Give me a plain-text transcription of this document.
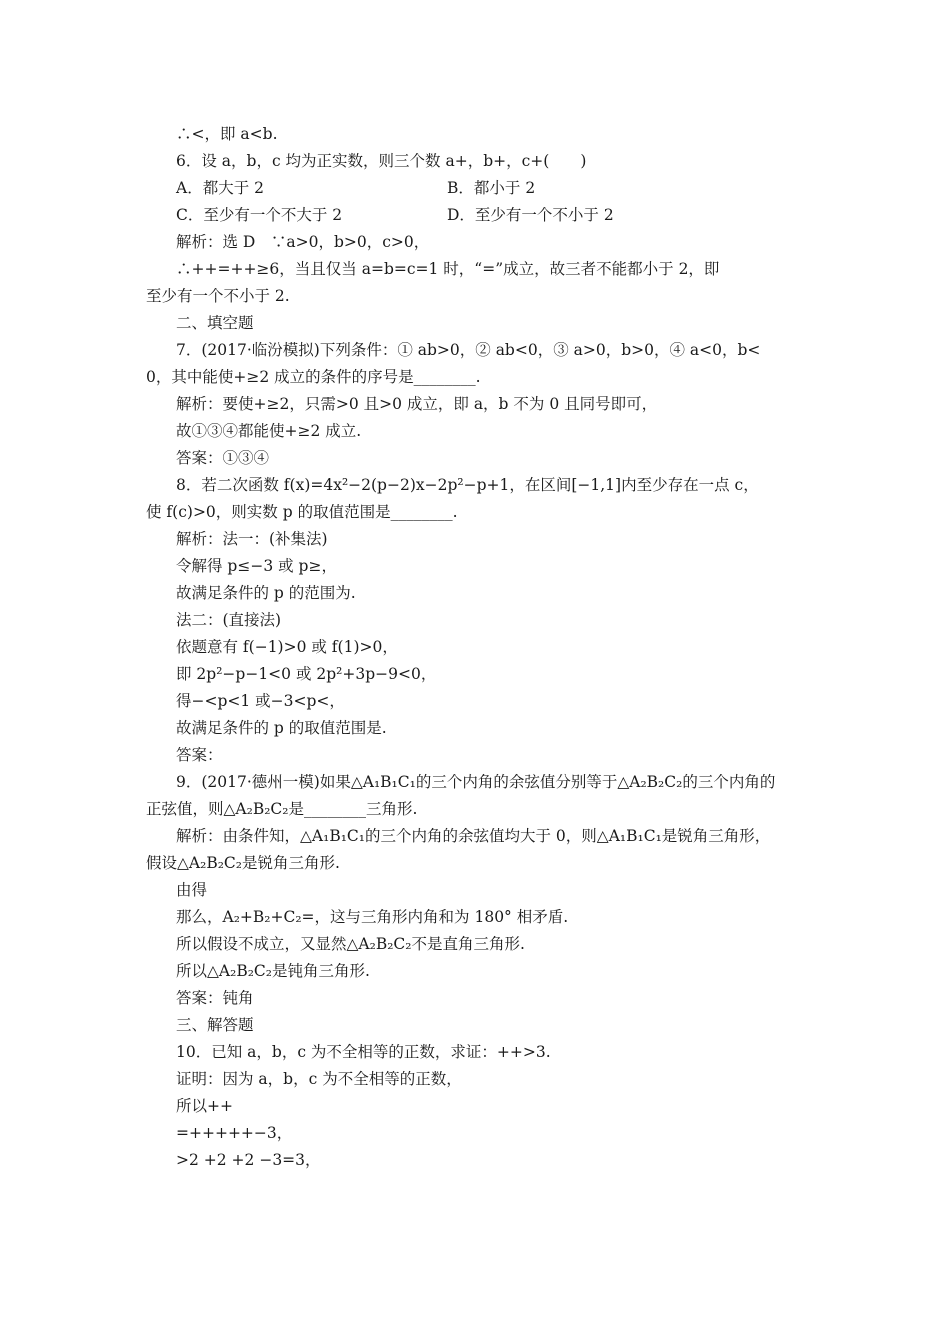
∴<，即 a<b.
6．设 a，b，c 均为正实数，则三个数 a+，b+，c+(　　)
A．都大于 2	B．都小于 2
C．至少有一个不大于 2	D．至少有一个不小于 2
解析：选 D　∵a>0，b>0，c>0，
∴++=++≥6，当且仅当 a=b=c=1 时，“=”成立，故三者不能都小于 2，即
至少有一个不小于 2.
二、填空题
7．(2017·临汾模拟)下列条件：① ab>0，② ab<0，③ a>0，b>0，④ a<0，b<
0，其中能使+≥2 成立的条件的序号是________.
解析：要使+≥2，只需>0 且>0 成立，即 a，b 不为 0 且同号即可，
故①③④都能使+≥2 成立.
答案：①③④
8．若二次函数 f(x)=4x²−2(p−2)x−2p²−p+1，在区间[−1,1]内至少存在一点 c，
使 f(c)>0，则实数 p 的取值范围是________.
解析：法一：(补集法)
令解得 p≤−3 或 p≥，
故满足条件的 p 的范围为.
法二：(直接法)
依题意有 f(−1)>0 或 f(1)>0，
即 2p²−p−1<0 或 2p²+3p−9<0，
得−<p<1 或−3<p<，
故满足条件的 p 的取值范围是.
答案：
9．(2017·德州一模)如果△A₁B₁C₁的三个内角的余弦值分别等于△A₂B₂C₂的三个内角的
正弦值，则△A₂B₂C₂是________三角形.
解析：由条件知，△A₁B₁C₁的三个内角的余弦值均大于 0，则△A₁B₁C₁是锐角三角形，
假设△A₂B₂C₂是锐角三角形.
由得
那么，A₂+B₂+C₂=，这与三角形内角和为 180° 相矛盾.
所以假设不成立，又显然△A₂B₂C₂不是直角三角形.
所以△A₂B₂C₂是钝角三角形.
答案：钝角
三、解答题
10．已知 a，b，c 为不全相等的正数，求证：++>3.
证明：因为 a，b，c 为不全相等的正数，
所以++
=+++++−3，
>2 +2 +2 −3=3，
